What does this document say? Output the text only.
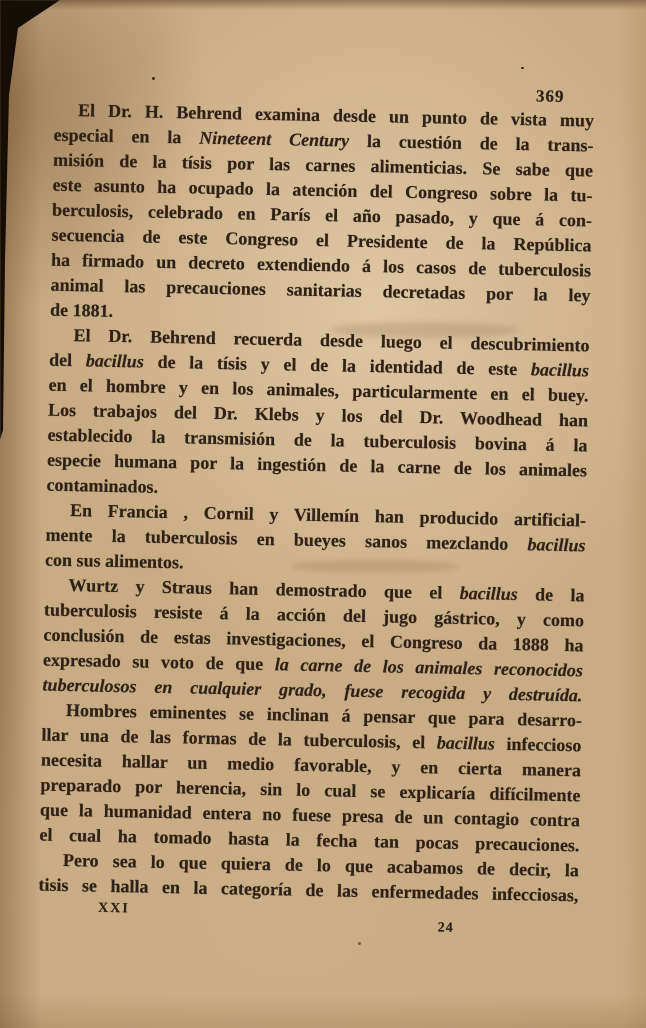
369
El Dr. H. Behrend examina desde un punto de vista muy
especial en la Nineteent Century la cuestión de la trans-
misión de la tísis por las carnes alimenticias. Se sabe que
este asunto ha ocupado la atención del Congreso sobre la tu-
berculosis, celebrado en París el año pasado, y que á con-
secuencia de este Congreso el Presidente de la República
ha firmado un decreto extendiendo á los casos de tuberculosis
animal las precauciones sanitarias decretadas por la ley
de 1881.
El Dr. Behrend recuerda desde luego el descubrimiento
del bacillus de la tísis y el de la identidad de este bacillus
en el hombre y en los animales, particularmente en el buey.
Los trabajos del Dr. Klebs y los del Dr. Woodhead han
establecido la transmisión de la tuberculosis bovina á la
especie humana por la ingestión de la carne de los animales
contaminados.
En Francia , Cornil y Villemín han producido artificial-
mente la tuberculosis en bueyes sanos mezclando bacillus
con sus alimentos.
Wurtz y Straus han demostrado que el bacillus de la
tuberculosis resiste á la acción del jugo gástrico, y como
conclusión de estas investigaciones, el Congreso da 1888 ha
expresado su voto de que la carne de los animales reconocidos
tuberculosos en cualquier grado, fuese recogida y destruída.
Hombres eminentes se inclinan á pensar que para desarro-
llar una de las formas de la tuberculosis, el bacillus infeccioso
necesita hallar un medio favorable, y en cierta manera
preparado por herencia, sin lo cual se explicaría difícilmente
que la humanidad entera no fuese presa de un contagio contra
el cual ha tomado hasta la fecha tan pocas precauciones.
Pero sea lo que quiera de lo que acabamos de decir, la
tisis se halla en la categoría de las enfermedades infecciosas,
XXI
24
